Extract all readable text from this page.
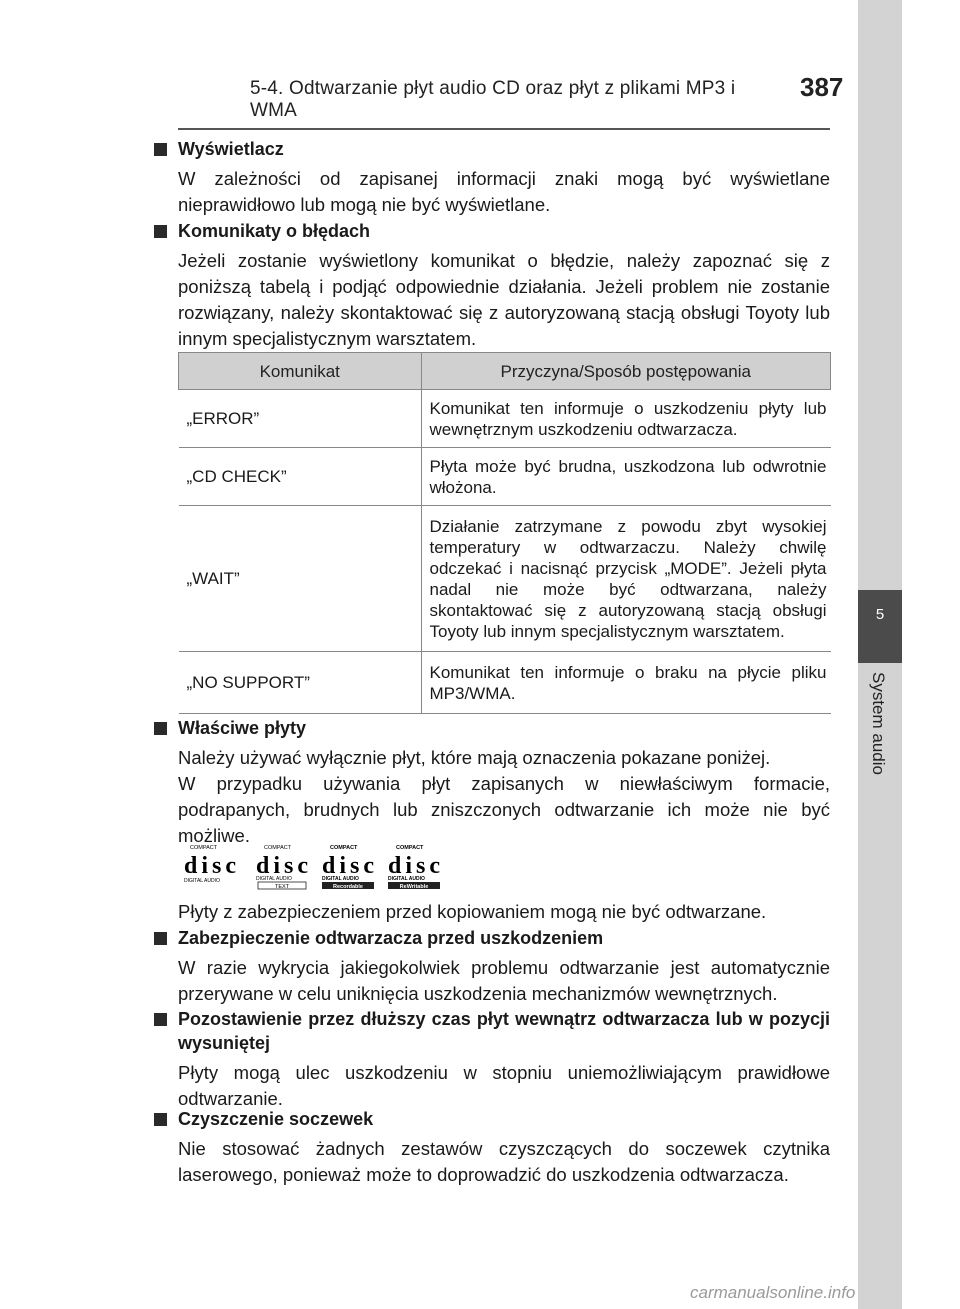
5-4. Odtwarzanie płyt audio CD oraz płyt z plikami MP3 i WMA
387
5
System audio
Wyświetlacz
W zależności od zapisanej informacji znaki mogą być wyświetlane nieprawidłowo lub mogą nie być wyświetlane.
Komunikaty o błędach
Jeżeli zostanie wyświetlony komunikat o błędzie, należy zapoznać się z poniższą tabelą i podjąć odpowiednie działania. Jeżeli problem nie zostanie rozwiązany, należy skontaktować się z autoryzowaną stacją obsługi Toyoty lub innym specjalistycznym warsztatem.
Komunikat	Przyczyna/Sposób postępowania
„ERROR”	Komunikat ten informuje o uszkodzeniu płyty lub wewnętrznym uszkodzeniu odtwarzacza.
„CD CHECK”	Płyta może być brudna, uszkodzona lub odwrotnie włożona.
„WAIT”	Działanie zatrzymane z powodu zbyt wysokiej temperatury w odtwarzaczu. Należy chwilę odczekać i nacisnąć przycisk „MODE”. Jeżeli płyta nadal nie może być odtwarzana, należy skontaktować się z autoryzowaną stacją obsługi Toyoty lub innym specjalistycznym warsztatem.
„NO SUPPORT”	Komunikat ten informuje o braku na płycie pliku MP3/WMA.
Właściwe płyty
Należy używać wyłącznie płyt, które mają oznaczenia pokazane poniżej.
W przypadku używania płyt zapisanych w niewłaściwym formacie, podrapanych, brudnych lub zniszczonych odtwarzanie ich może nie być możliwe.
COMPACT
disc
DIGITAL AUDIO
COMPACT
disc
DIGITAL AUDIO
TEXT
COMPACT
disc
DIGITAL AUDIO
Recordable
COMPACT
disc
DIGITAL AUDIO
ReWritable
Płyty z zabezpieczeniem przed kopiowaniem mogą nie być odtwarzane.
Zabezpieczenie odtwarzacza przed uszkodzeniem
W razie wykrycia jakiegokolwiek problemu odtwarzanie jest automatycznie przerywane w celu uniknięcia uszkodzenia mechanizmów wewnętrznych.
Pozostawienie przez dłuższy czas płyt wewnątrz odtwarzacza lub w pozycji wysuniętej
Płyty mogą ulec uszkodzeniu w stopniu uniemożliwiającym prawidłowe odtwarzanie.
Czyszczenie soczewek
Nie stosować żadnych zestawów czyszczących do soczewek czytnika laserowego, ponieważ może to doprowadzić do uszkodzenia odtwarzacza.
carmanualsonline.info
